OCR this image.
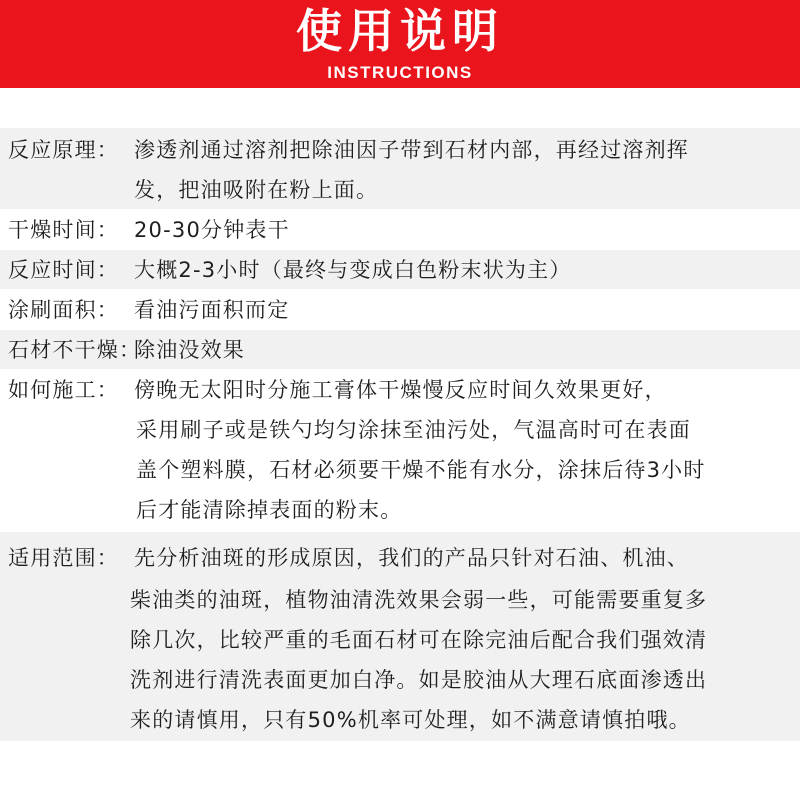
使用说明
INSTRUCTIONS
反应原理： 渗透剂通过溶剂把除油因子带到石材内部，再经过溶剂挥
发，把油吸附在粉上面。
干燥时间： 20-30分钟表干
反应时间： 大概2-3小时（最终与变成白色粉末状为主）
涂刷面积： 看油污面积而定
石材不干燥：
除油没效果
如何施工： 傍晚无太阳时分施工膏体干燥慢反应时间久效果更好，
采用刷子或是铁勺均匀涂抹至油污处，气温高时可在表面
盖个塑料膜，石材必须要干燥不能有水分，涂抹后待3小时
后才能清除掉表面的粉末。
适用范围： 先分析油斑的形成原因，我们的产品只针对石油、机油、
柴油类的油斑，植物油清洗效果会弱一些，可能需要重复多
除几次，比较严重的毛面石材可在除完油后配合我们强效清
洗剂进行清洗表面更加白净。如是胶油从大理石底面渗透出
来的请慎用，只有50%机率可处理，如不满意请慎拍哦。
